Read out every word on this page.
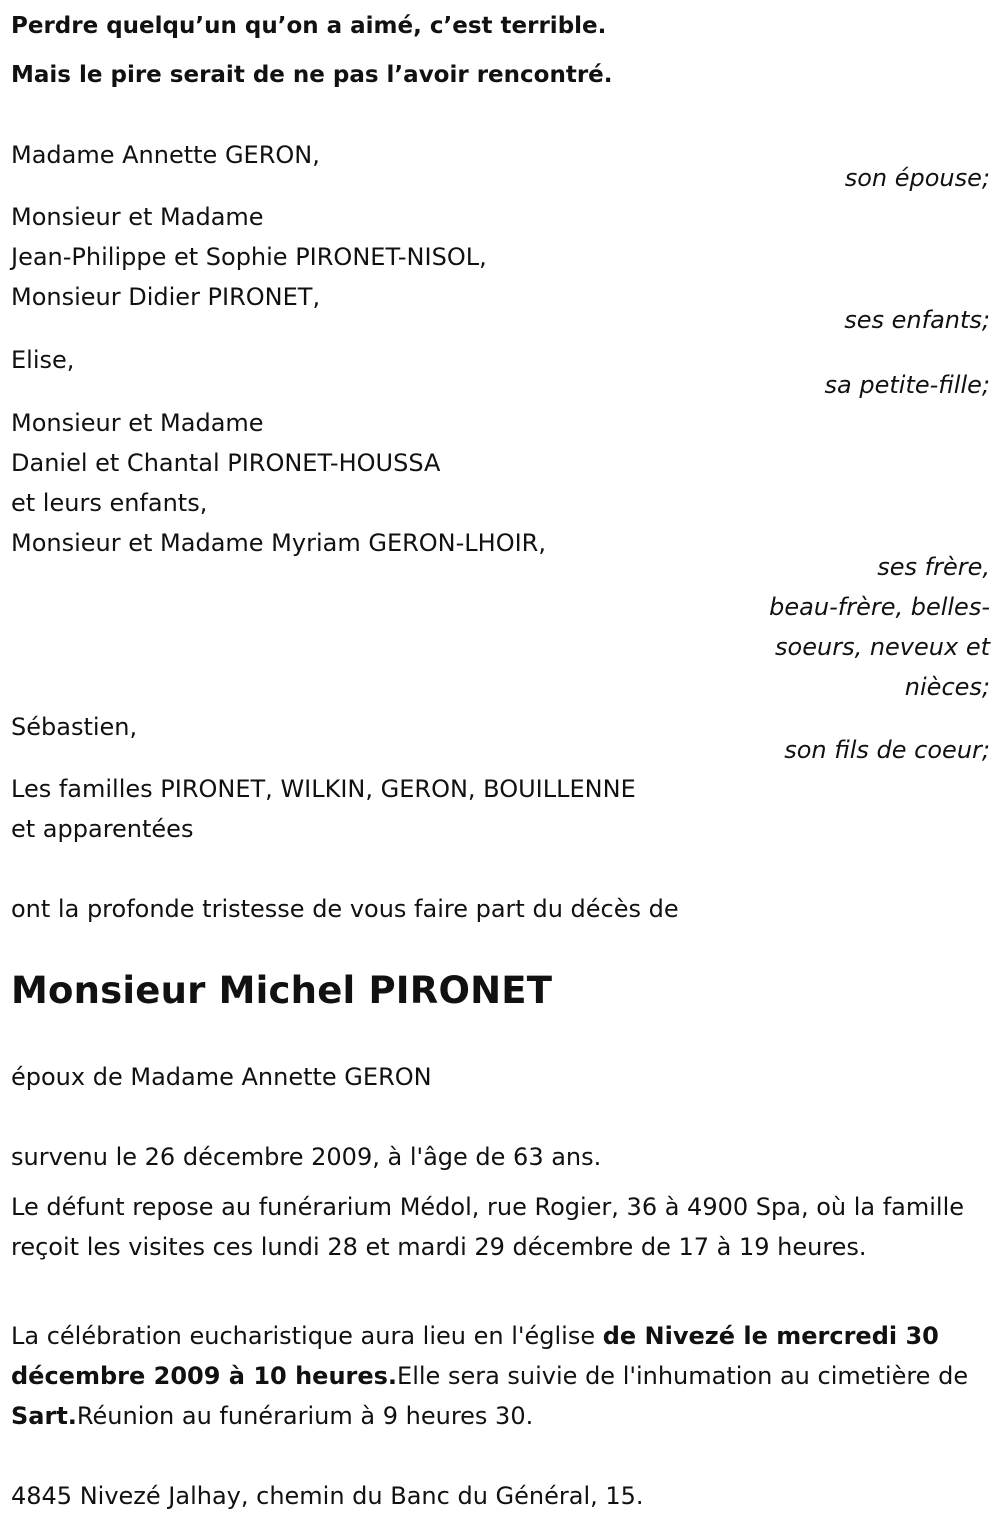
Perdre quelqu’un qu’on a aimé, c’est terrible.
Mais le pire serait de ne pas l’avoir rencontré.
Madame Annette GERON,
son épouse;
Monsieur et Madame
Jean-Philippe et Sophie PIRONET-NISOL,
Monsieur Didier PIRONET,
ses enfants;
Elise,
sa petite-fille;
Monsieur et Madame
Daniel et Chantal PIRONET-HOUSSA
et leurs enfants,
Monsieur et Madame Myriam GERON-LHOIR,
ses frère,
beau-frère, belles-
soeurs, neveux et
nièces;
Sébastien,
son fils de coeur;
Les familles PIRONET, WILKIN, GERON, BOUILLENNE
et apparentées
ont la profonde tristesse de vous faire part du décès de
Monsieur Michel PIRONET
époux de Madame Annette GERON
survenu le 26 décembre 2009, à l'âge de 63 ans.
Le défunt repose au funérarium Médol, rue Rogier, 36 à 4900 Spa, où la famille reçoit les visites ces lundi 28 et mardi 29 décembre de 17 à 19 heures.
La célébration eucharistique aura lieu en l'église de Nivezé le mercredi 30 décembre 2009 à 10 heures.Elle sera suivie de l'inhumation au cimetière de Sart.Réunion au funérarium à 9 heures 30.
4845 Nivezé Jalhay, chemin du Banc du Général, 15.
